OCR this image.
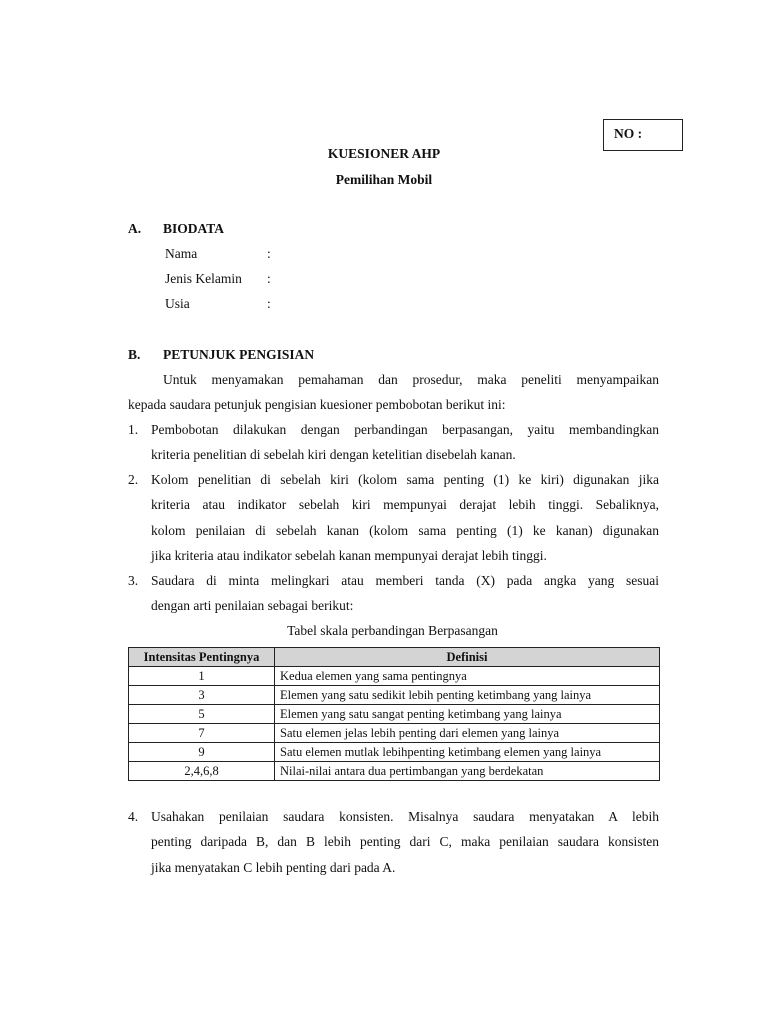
NO :
KUESIONER AHP
Pemilihan Mobil
A. BIODATA
Nama	:
Jenis Kelamin :
Usia	:
B. PETUNJUK PENGISIAN
Untuk menyamakan pemahaman dan prosedur, maka peneliti menyampaikan
kepada saudara petunjuk pengisian kuesioner pembobotan berikut ini:
1. Pembobotan dilakukan dengan perbandingan berpasangan, yaitu membandingkan
kriteria penelitian di sebelah kiri dengan ketelitian disebelah kanan.
2. Kolom penelitian di sebelah kiri (kolom sama penting (1) ke kiri) digunakan jika
kriteria atau indikator sebelah kiri mempunyai derajat lebih tinggi. Sebaliknya,
kolom penilaian di sebelah kanan (kolom sama penting (1) ke kanan) digunakan
jika kriteria atau indikator sebelah kanan mempunyai derajat lebih tinggi.
3. Saudara di minta melingkari atau memberi tanda (X) pada angka yang sesuai
dengan arti penilaian sebagai berikut:
Tabel skala perbandingan Berpasangan
Intensitas Pentingnya	Definisi
1	Kedua elemen yang sama pentingnya
3	Elemen yang satu sedikit lebih penting ketimbang yang lainya
5	Elemen yang satu sangat penting ketimbang yang lainya
7	Satu elemen jelas lebih penting dari elemen yang lainya
9	Satu elemen mutlak lebihpenting ketimbang elemen yang lainya
2,4,6,8	Nilai-nilai antara dua pertimbangan yang berdekatan
4. Usahakan penilaian saudara konsisten. Misalnya saudara menyatakan A lebih
penting daripada B, dan B lebih penting dari C, maka penilaian saudara konsisten
jika menyatakan C lebih penting dari pada A.
